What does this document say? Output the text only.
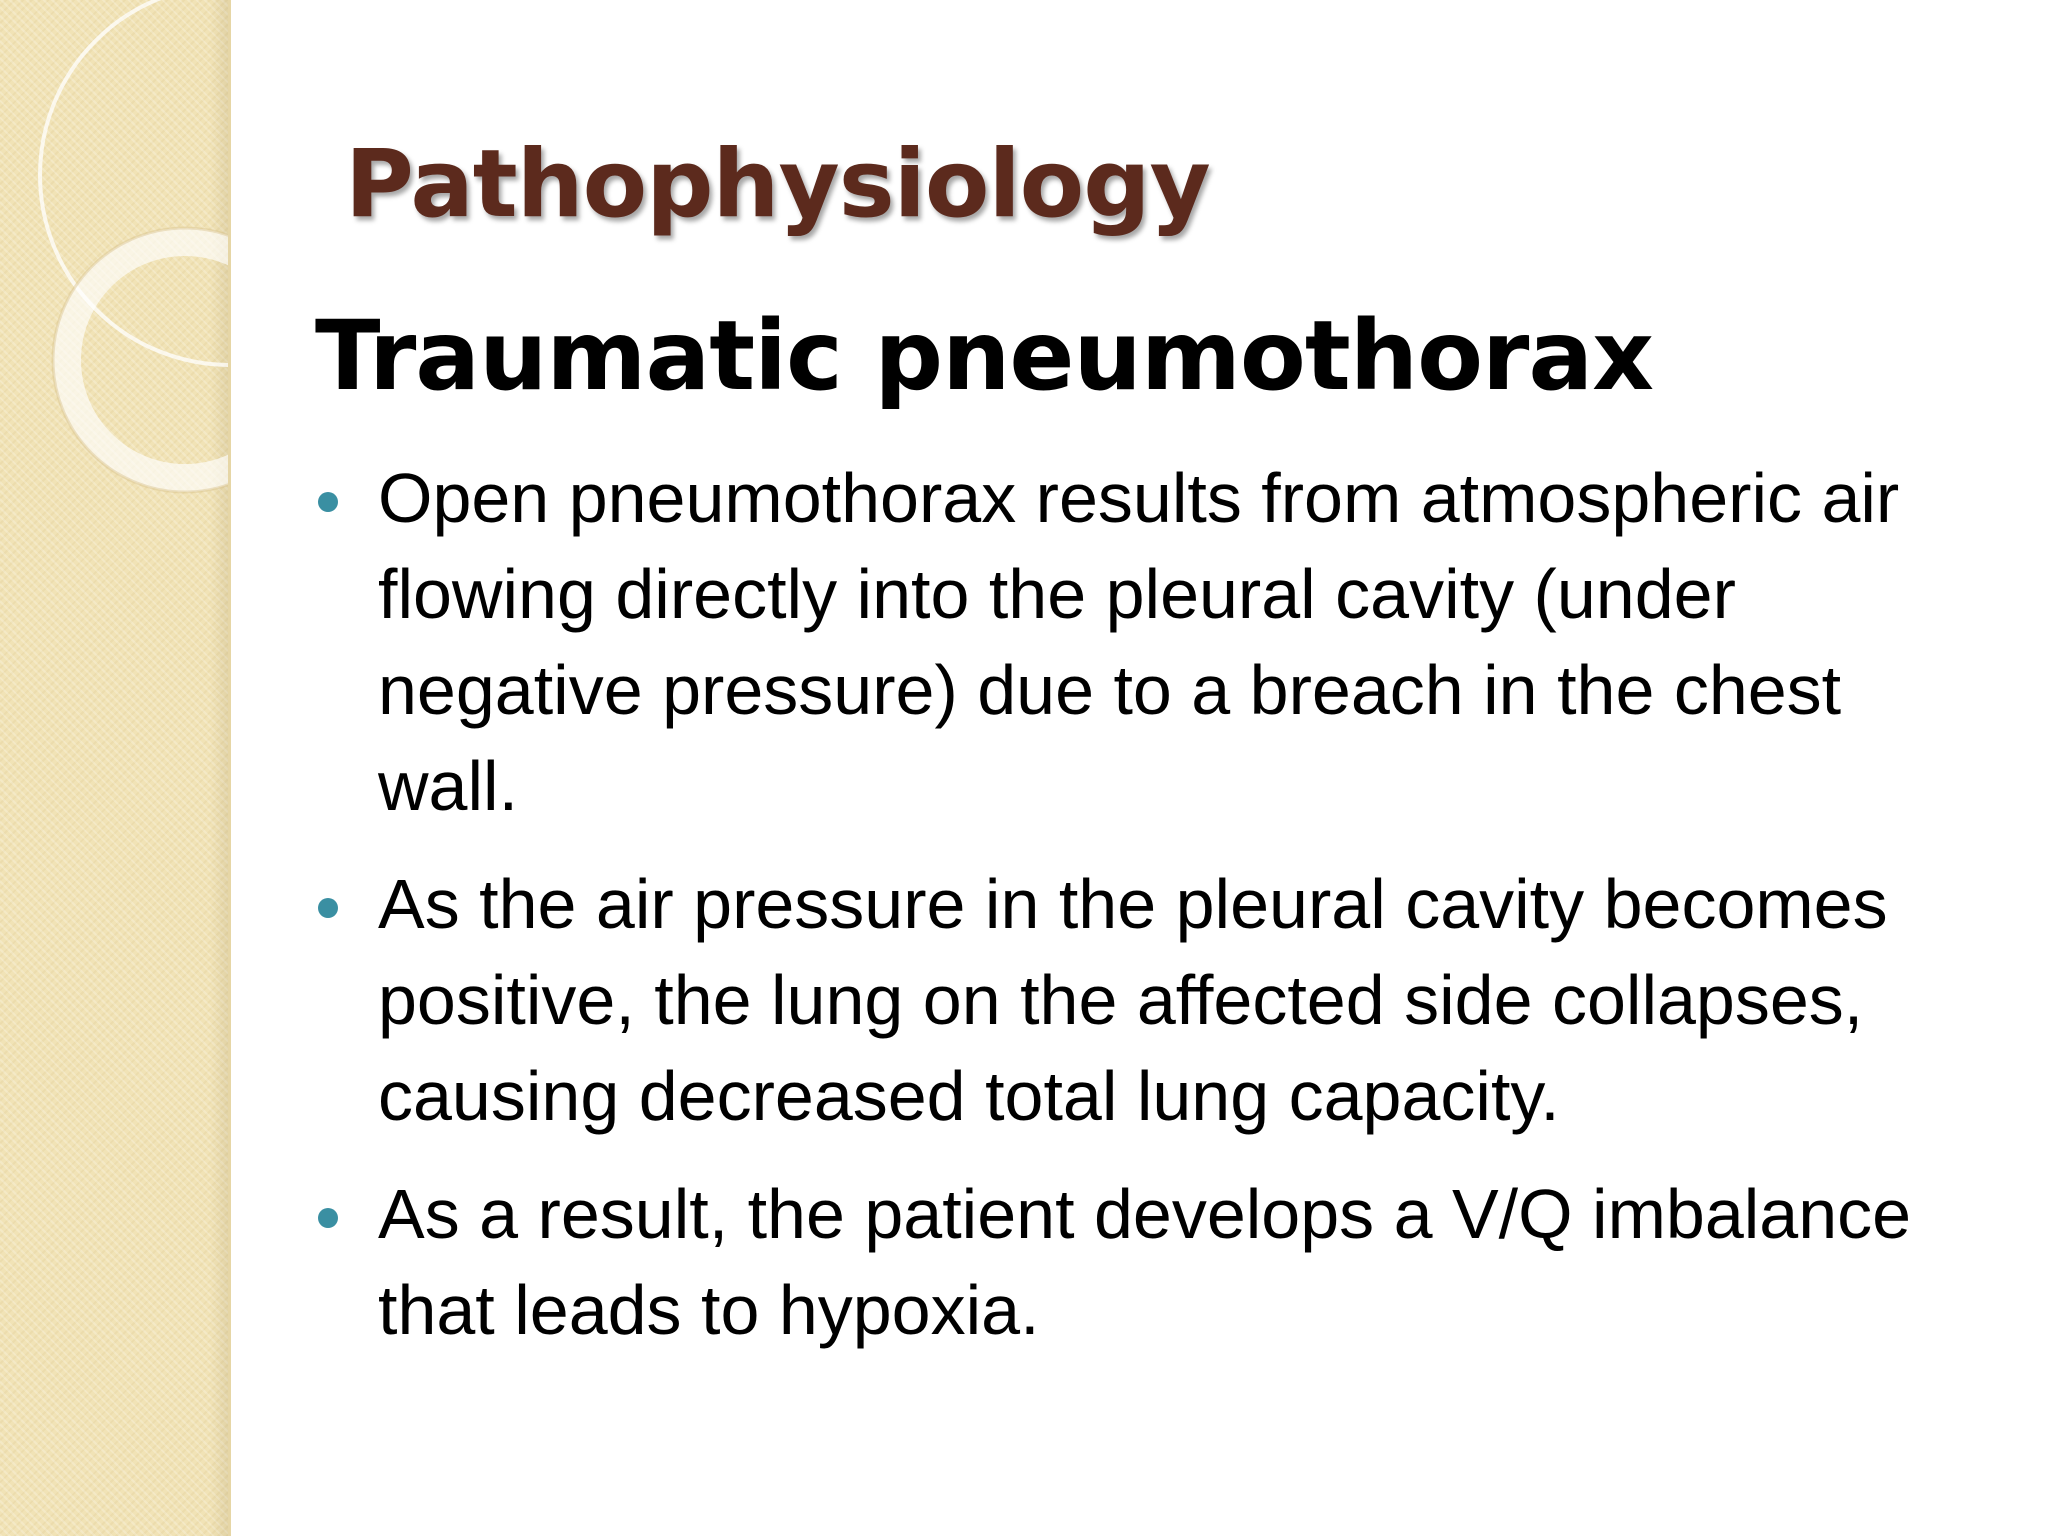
Pathophysiology
Traumatic pneumothorax
Open pneumothorax results from atmospheric air flowing directly into the pleural cavity (under negative pressure) due to a breach in the chest wall.
As the air pressure in the pleural cavity becomes positive, the lung on the affected side collapses, causing decreased total lung capacity.
As a result, the patient develops a V/Q imbalance that leads to hypoxia.
